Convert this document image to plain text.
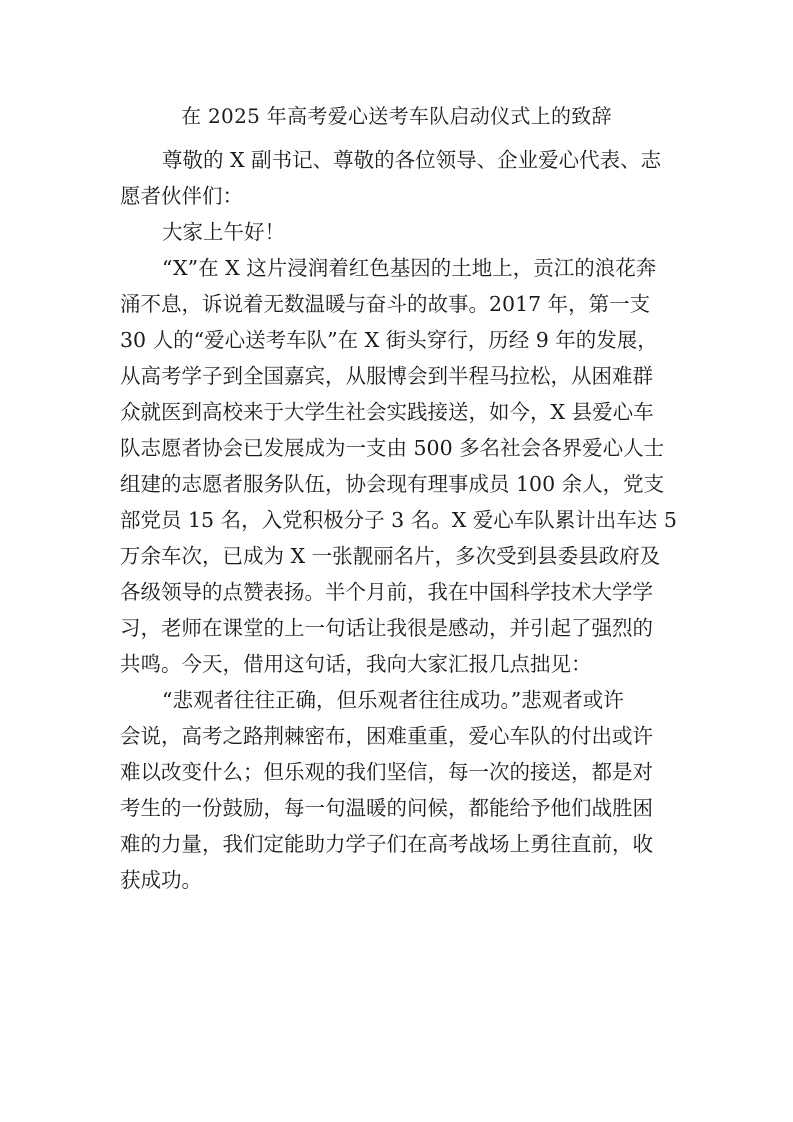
在 2025 年高考爱心送考车队启动仪式上的致辞

尊敬的 X 副书记、尊敬的各位领导、企业爱心代表、志
愿者伙伴们：

大家上午好！

“X”在 X 这片浸润着红色基因的土地上，贡江的浪花奔
涌不息，诉说着无数温暖与奋斗的故事。2017 年，第一支
30 人的“爱心送考车队”在 X 街头穿行，历经 9 年的发展，
从高考学子到全国嘉宾，从服博会到半程马拉松，从困难群
众就医到高校来于大学生社会实践接送，如今，X 县爱心车
队志愿者协会已发展成为一支由 500 多名社会各界爱心人士
组建的志愿者服务队伍，协会现有理事成员 100 余人，党支
部党员 15 名，入党积极分子 3 名。X 爱心车队累计出车达 5
万余车次，已成为 X 一张靓丽名片，多次受到县委县政府及
各级领导的点赞表扬。半个月前，我在中国科学技术大学学
习，老师在课堂的上一句话让我很是感动，并引起了强烈的
共鸣。今天，借用这句话，我向大家汇报几点拙见：

“悲观者往往正确，但乐观者往往成功。”悲观者或许
会说，高考之路荆棘密布，困难重重，爱心车队的付出或许
难以改变什么；但乐观的我们坚信，每一次的接送，都是对
考生的一份鼓励，每一句温暖的问候，都能给予他们战胜困
难的力量，我们定能助力学子们在高考战场上勇往直前，收
获成功。
